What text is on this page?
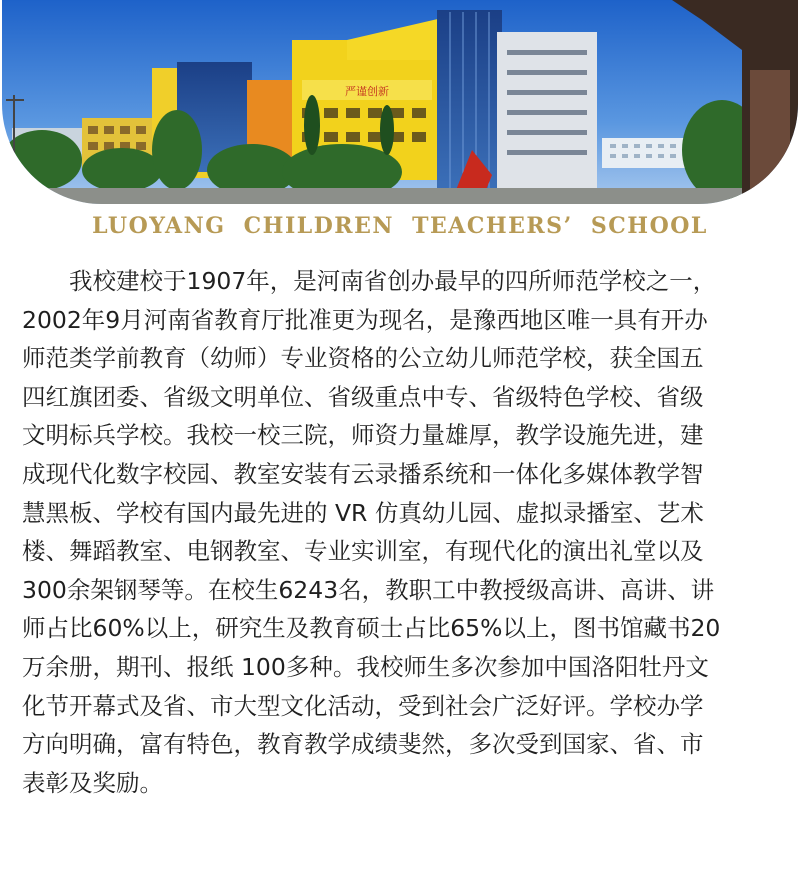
严谨创新
LUOYANG CHILDREN TEACHERS’ SCHOOL
我校建校于1907年，是河南省创办最早的四所师范学校之一，
2002年9月河南省教育厅批准更为现名，是豫西地区唯一具有开办
师范类学前教育（幼师）专业资格的公立幼儿师范学校，获全国五
四红旗团委、省级文明单位、省级重点中专、省级特色学校、省级
文明标兵学校。我校一校三院，师资力量雄厚，教学设施先进，建
成现代化数字校园、教室安装有云录播系统和一体化多媒体教学智
慧黑板、学校有国内最先进的 VR 仿真幼儿园、虚拟录播室、艺术
楼、舞蹈教室、电钢教室、专业实训室，有现代化的演出礼堂以及
300余架钢琴等。在校生6243名，教职工中教授级高讲、高讲、讲
师占比60%以上，研究生及教育硕士占比65%以上，图书馆藏书20
万余册，期刊、报纸 100多种。我校师生多次参加中国洛阳牡丹文
化节开幕式及省、市大型文化活动，受到社会广泛好评。学校办学
方向明确，富有特色，教育教学成绩斐然，多次受到国家、省、市
表彰及奖励。
